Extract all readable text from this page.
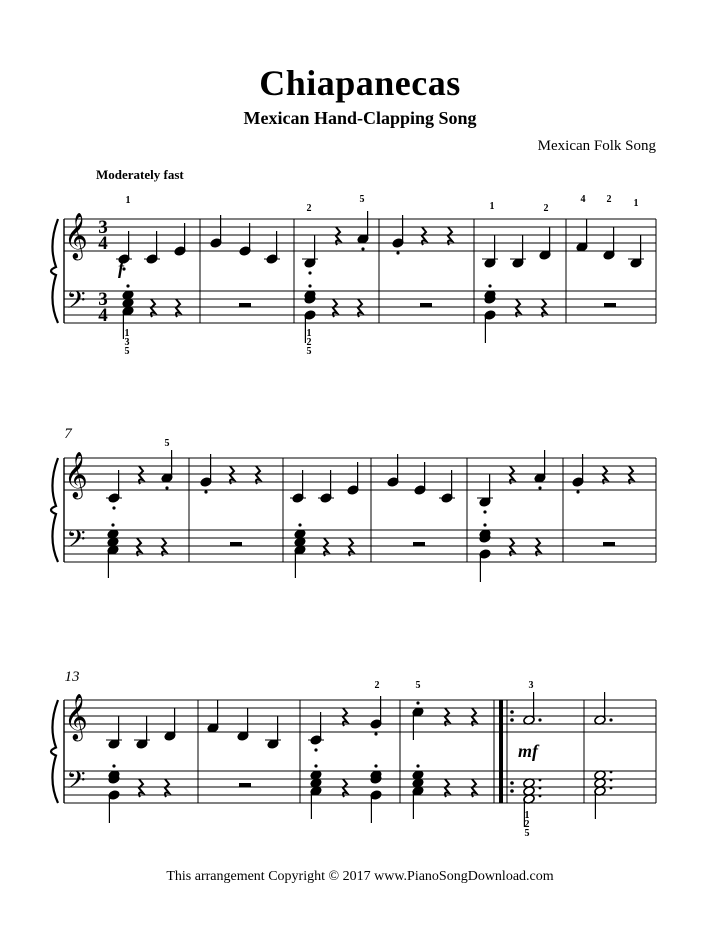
Chiapanecas
Mexican Hand-Clapping Song
Mexican Folk Song
Moderately fast
𝄞
𝄢
3
4
3
4
𝄞
𝄢
𝄞
𝄢
7
13
1
2
5
1	2
4 2 1
f
1
3
5
1
2
5
5
2	5	3
mf
1
2
5
This arrangement Copyright © 2017 www.PianoSongDownload.com
